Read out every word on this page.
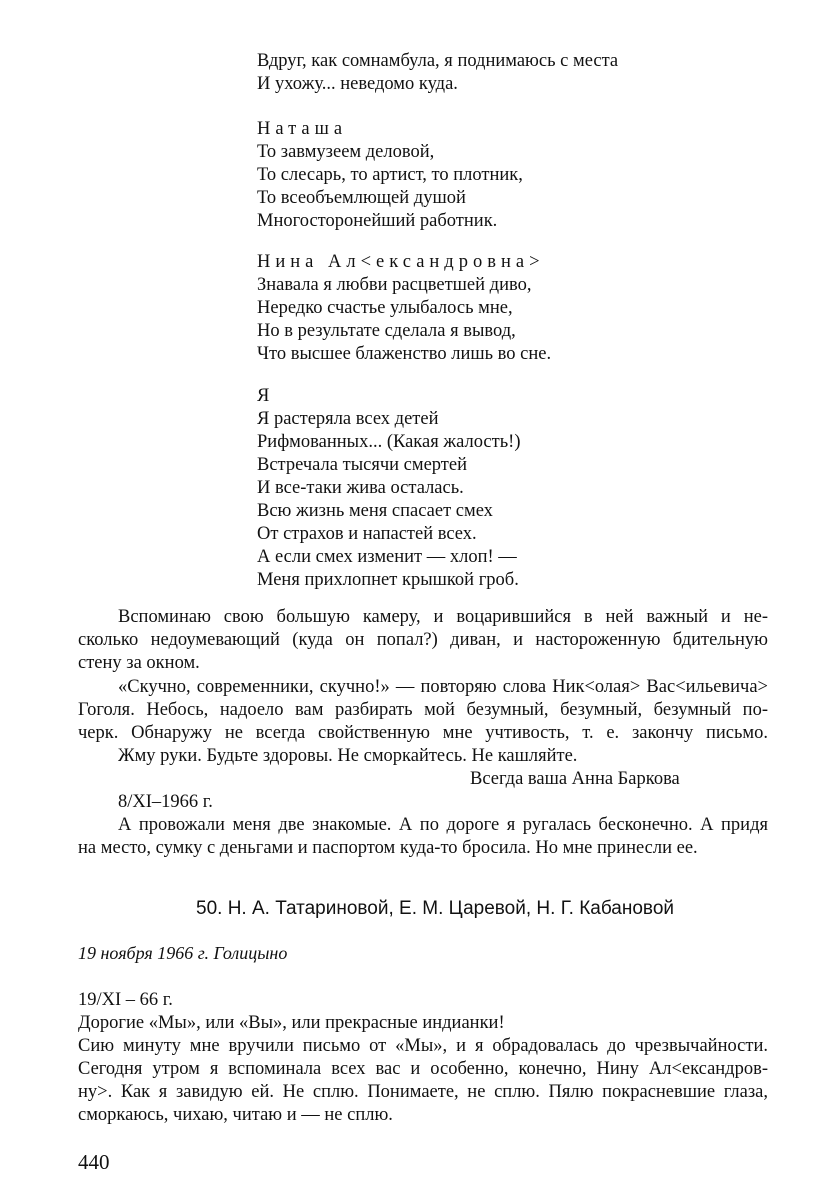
Вдруг, как сомнамбула, я поднимаюсь с места
И ухожу... неведомо куда.
Наташа
То завмузеем деловой,
То слесарь, то артист, то плотник,
То всеобъемлющей душой
Многосторонейший работник.
Нина Ал<ександровна>
Знавала я любви расцветшей диво,
Нередко счастье улыбалось мне,
Но в результате сделала я вывод,
Что высшее блаженство лишь во сне.
Я
Я растеряла всех детей
Рифмованных... (Какая жалость!)
Встречала тысячи смертей
И все-таки жива осталась.
Всю жизнь меня спасает смех
От страхов и напастей всех.
А если смех изменит — хлоп! —
Меня прихлопнет крышкой гроб.
Вспоминаю свою большую камеру, и воцарившийся в ней важный и не-
сколько недоумевающий (куда он попал?) диван, и настороженную бдительную
стену за окном.
«Скучно, современники, скучно!» — повторяю слова Ник<олая> Вас<ильевича>
Гоголя. Небось, надоело вам разбирать мой безумный, безумный, безумный по-
черк. Обнаружу не всегда свойственную мне учтивость, т. е. закончу письмо.
Жму руки. Будьте здоровы. Не сморкайтесь. Не кашляйте.
Всегда ваша Анна Баркова
8/XI–1966 г.
А провожали меня две знакомые. А по дороге я ругалась бесконечно. А придя
на место, сумку с деньгами и паспортом куда-то бросила. Но мне принесли ее.
50. Н. А. Татариновой, Е. М. Царевой, Н. Г. Кабановой
19 ноября 1966 г. Голицыно
19/XI – 66 г.
Дорогие «Мы», или «Вы», или прекрасные индианки!
Сию минуту мне вручили письмо от «Мы», и я обрадовалась до чрезвычайности.
Сегодня утром я вспоминала всех вас и особенно, конечно, Нину Ал<ександров-
ну>. Как я завидую ей. Не сплю. Понимаете, не сплю. Пялю покрасневшие глаза,
сморкаюсь, чихаю, читаю и — не сплю.
440
